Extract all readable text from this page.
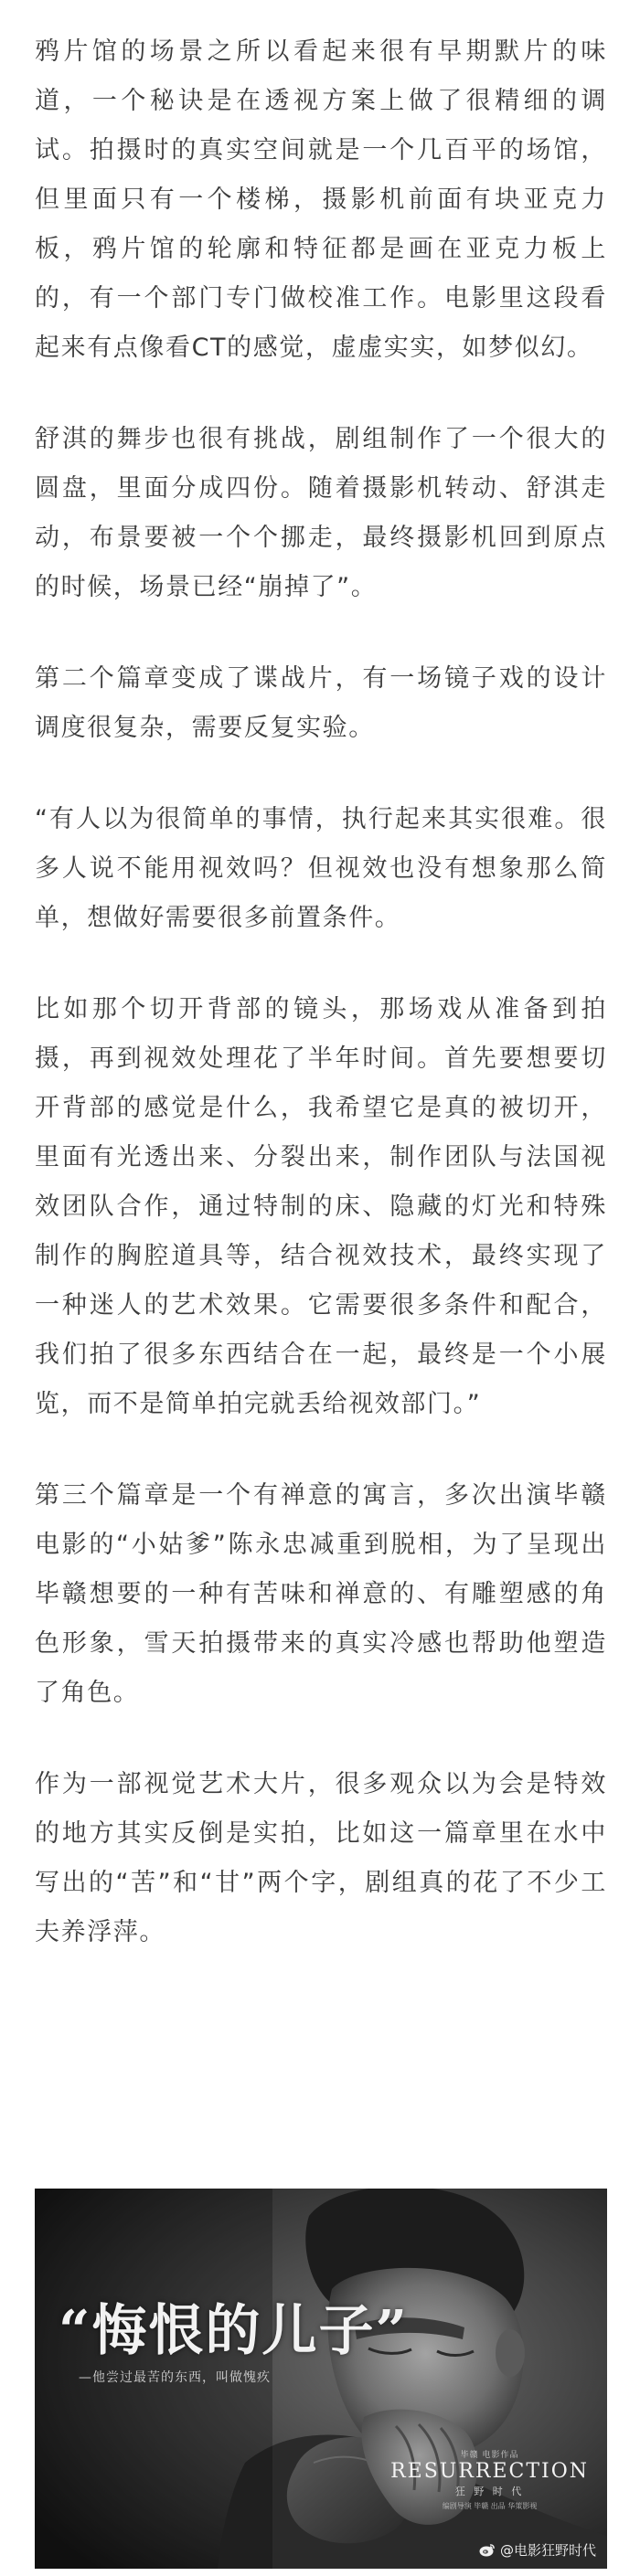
鸦片馆的场景之所以看起来很有早期默片的味道，一个秘诀是在透视方案上做了很精细的调试。拍摄时的真实空间就是一个几百平的场馆，但里面只有一个楼梯，摄影机前面有块亚克力板，鸦片馆的轮廓和特征都是画在亚克力板上的，有一个部门专门做校准工作。电影里这段看起来有点像看CT的感觉，虚虚实实，如梦似幻。

舒淇的舞步也很有挑战，剧组制作了一个很大的圆盘，里面分成四份。随着摄影机转动、舒淇走动，布景要被一个个挪走，最终摄影机回到原点的时候，场景已经“崩掉了”。

第二个篇章变成了谍战片，有一场镜子戏的设计调度很复杂，需要反复实验。

“有人以为很简单的事情，执行起来其实很难。很多人说不能用视效吗？但视效也没有想象那么简单，想做好需要很多前置条件。

比如那个切开背部的镜头，那场戏从准备到拍摄，再到视效处理花了半年时间。首先要想要切开背部的感觉是什么，我希望它是真的被切开，里面有光透出来、分裂出来，制作团队与法国视效团队合作，通过特制的床、隐藏的灯光和特殊制作的胸腔道具等，结合视效技术，最终实现了一种迷人的艺术效果。它需要很多条件和配合，我们拍了很多东西结合在一起，最终是一个小展览，而不是简单拍完就丢给视效部门。”

第三个篇章是一个有禅意的寓言，多次出演毕赣电影的“小姑爹”陈永忠减重到脱相，为了呈现出毕赣想要的一种有苦味和禅意的、有雕塑感的角色形象，雪天拍摄带来的真实冷感也帮助他塑造了角色。

作为一部视觉艺术大片，很多观众以为会是特效的地方其实反倒是实拍，比如这一篇章里在水中写出的“苦”和“甘”两个字，剧组真的花了不少工夫养浮萍。

“悔恨的儿子”
—他尝过最苦的东西，叫做愧疚
毕赣 电影作品
RESURRECTION
狂 野 时 代
编剧导演 毕赣 出品 华策影视
@电影狂野时代
